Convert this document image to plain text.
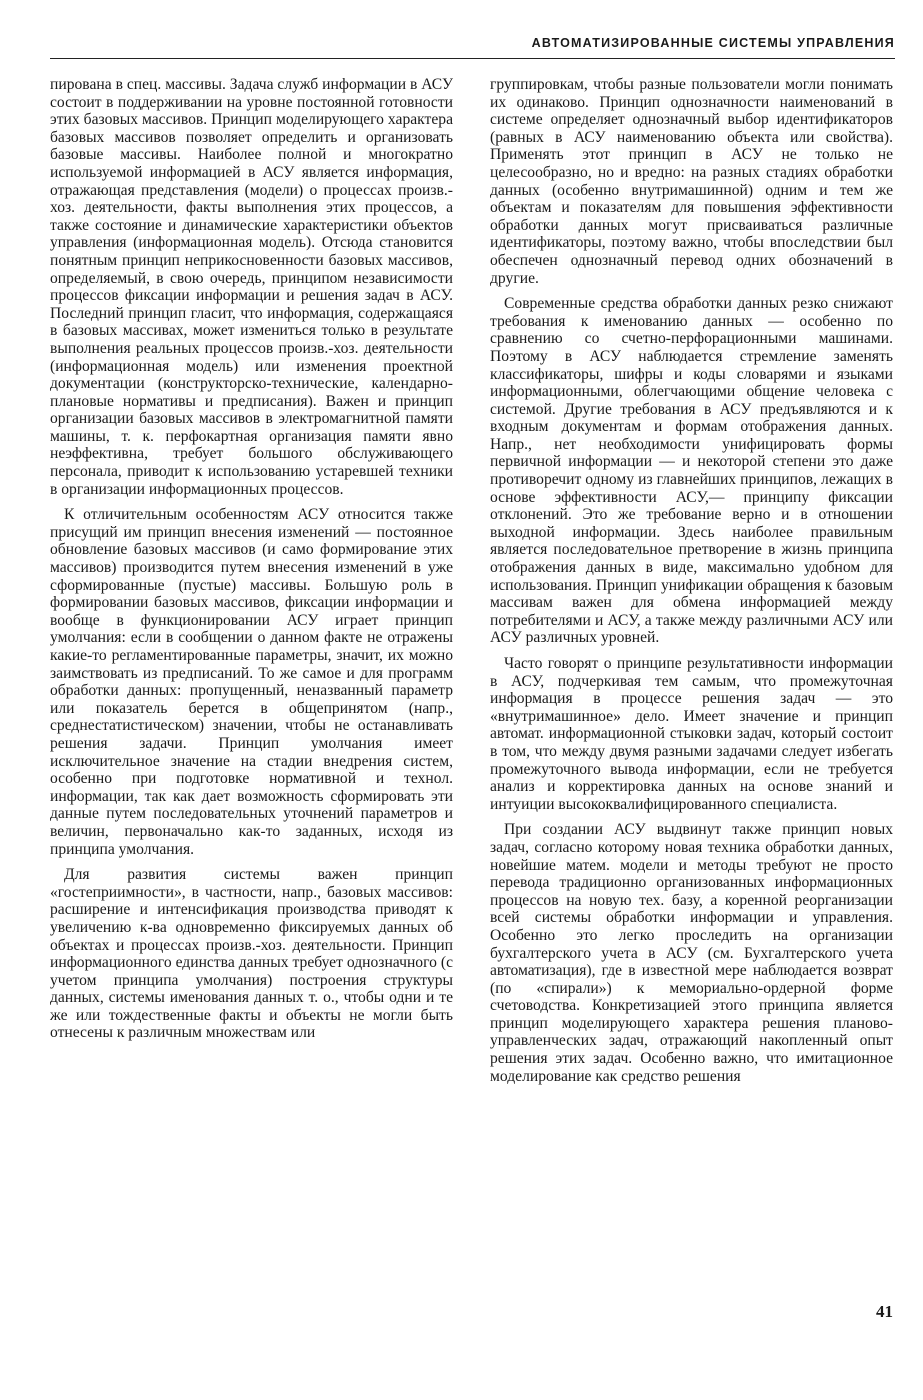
АВТОМАТИЗИРОВАННЫЕ СИСТЕМЫ УПРАВЛЕНИЯ

пирована в спец. массивы. Задача служб информации в АСУ состоит в поддерживании на уровне постоянной готовности этих базовых массивов. Принцип моделирующего характера базовых массивов позволяет определить и организовать базовые массивы. Наиболее полной и многократно используемой информацией в АСУ является информация, отражающая представления (модели) о процессах произв.-хоз. деятельности, факты выполнения этих процессов, а также состояние и динамические характеристики объектов управления (информационная модель). Отсюда становится понятным принцип неприкосновенности базовых массивов, определяемый, в свою очередь, принципом независимости процессов фиксации информации и решения задач в АСУ. Последний принцип гласит, что информация, содержащаяся в базовых массивах, может измениться только в результате выполнения реальных процессов произв.-хоз. деятельности (информационная модель) или изменения проектной документации (конструкторско-технические, календарно-плановые нормативы и предписания). Важен и принцип организации базовых массивов в электромагнитной памяти машины, т. к. перфокартная организация памяти явно неэффективна, требует большого обслуживающего персонала, приводит к использованию устаревшей техники в организации информационных процессов.

К отличительным особенностям АСУ относится также присущий им принцип внесения изменений — постоянное обновление базовых массивов (и само формирование этих массивов) производится путем внесения изменений в уже сформированные (пустые) массивы. Большую роль в формировании базовых массивов, фиксации информации и вообще в функционировании АСУ играет принцип умолчания: если в сообщении о данном факте не отражены какие-то регламентированные параметры, значит, их можно заимствовать из предписаний. То же самое и для программ обработки данных: пропущенный, неназванный параметр или показатель берется в общепринятом (напр., среднестатистическом) значении, чтобы не останавливать решения задачи. Принцип умолчания имеет исключительное значение на стадии внедрения систем, особенно при подготовке нормативной и технол. информации, так как дает возможность сформировать эти данные путем последовательных уточнений параметров и величин, первоначально как-то заданных, исходя из принципа умолчания.

Для развития системы важен принцип «гостеприимности», в частности, напр., базовых массивов: расширение и интенсификация производства приводят к увеличению к-ва одновременно фиксируемых данных об объектах и процессах произв.-хоз. деятельности. Принцип информационного единства данных требует однозначного (с учетом принципа умолчания) построения структуры данных, системы именования данных т. о., чтобы одни и те же или тождественные факты и объекты не могли быть отнесены к различным множествам или

группировкам, чтобы разные пользователи могли понимать их одинаково. Принцип однозначности наименований в системе определяет однозначный выбор идентификаторов (равных в АСУ наименованию объекта или свойства). Применять этот принцип в АСУ не только не целесообразно, но и вредно: на разных стадиях обработки данных (особенно внутримашинной) одним и тем же объектам и показателям для повышения эффективности обработки данных могут присваиваться различные идентификаторы, поэтому важно, чтобы впоследствии был обеспечен однозначный перевод одних обозначений в другие.

Современные средства обработки данных резко снижают требования к именованию данных — особенно по сравнению со счетно-перфорационными машинами. Поэтому в АСУ наблюдается стремление заменять классификаторы, шифры и коды словарями и языками информационными, облегчающими общение человека с системой. Другие требования в АСУ предъявляются и к входным документам и формам отображения данных. Напр., нет необходимости унифицировать формы первичной информации — и некоторой степени это даже противоречит одному из главнейших принципов, лежащих в основе эффективности АСУ,— принципу фиксации отклонений. Это же требование верно и в отношении выходной информации. Здесь наиболее правильным является последовательное претворение в жизнь принципа отображения данных в виде, максимально удобном для использования. Принцип унификации обращения к базовым массивам важен для обмена информацией между потребителями и АСУ, а также между различными АСУ или АСУ различных уровней.

Часто говорят о принципе результативности информации в АСУ, подчеркивая тем самым, что промежуточная информация в процессе решения задач — это «внутримашинное» дело. Имеет значение и принцип автомат. информационной стыковки задач, который состоит в том, что между двумя разными задачами следует избегать промежуточного вывода информации, если не требуется анализ и корректировка данных на основе знаний и интуиции высококвалифицированного специалиста.

При создании АСУ выдвинут также принцип новых задач, согласно которому новая техника обработки данных, новейшие матем. модели и методы требуют не просто перевода традиционно организованных информационных процессов на новую тех. базу, а коренной реорганизации всей системы обработки информации и управления. Особенно это легко проследить на организации бухгалтерского учета в АСУ (см. Бухгалтерского учета автоматизация), где в известной мере наблюдается возврат (по «спирали») к мемориально-ордерной форме счетоводства. Конкретизацией этого принципа является принцип моделирующего характера решения планово-управленческих задач, отражающий накопленный опыт решения этих задач. Особенно важно, что имитационное моделирование как средство решения

41
